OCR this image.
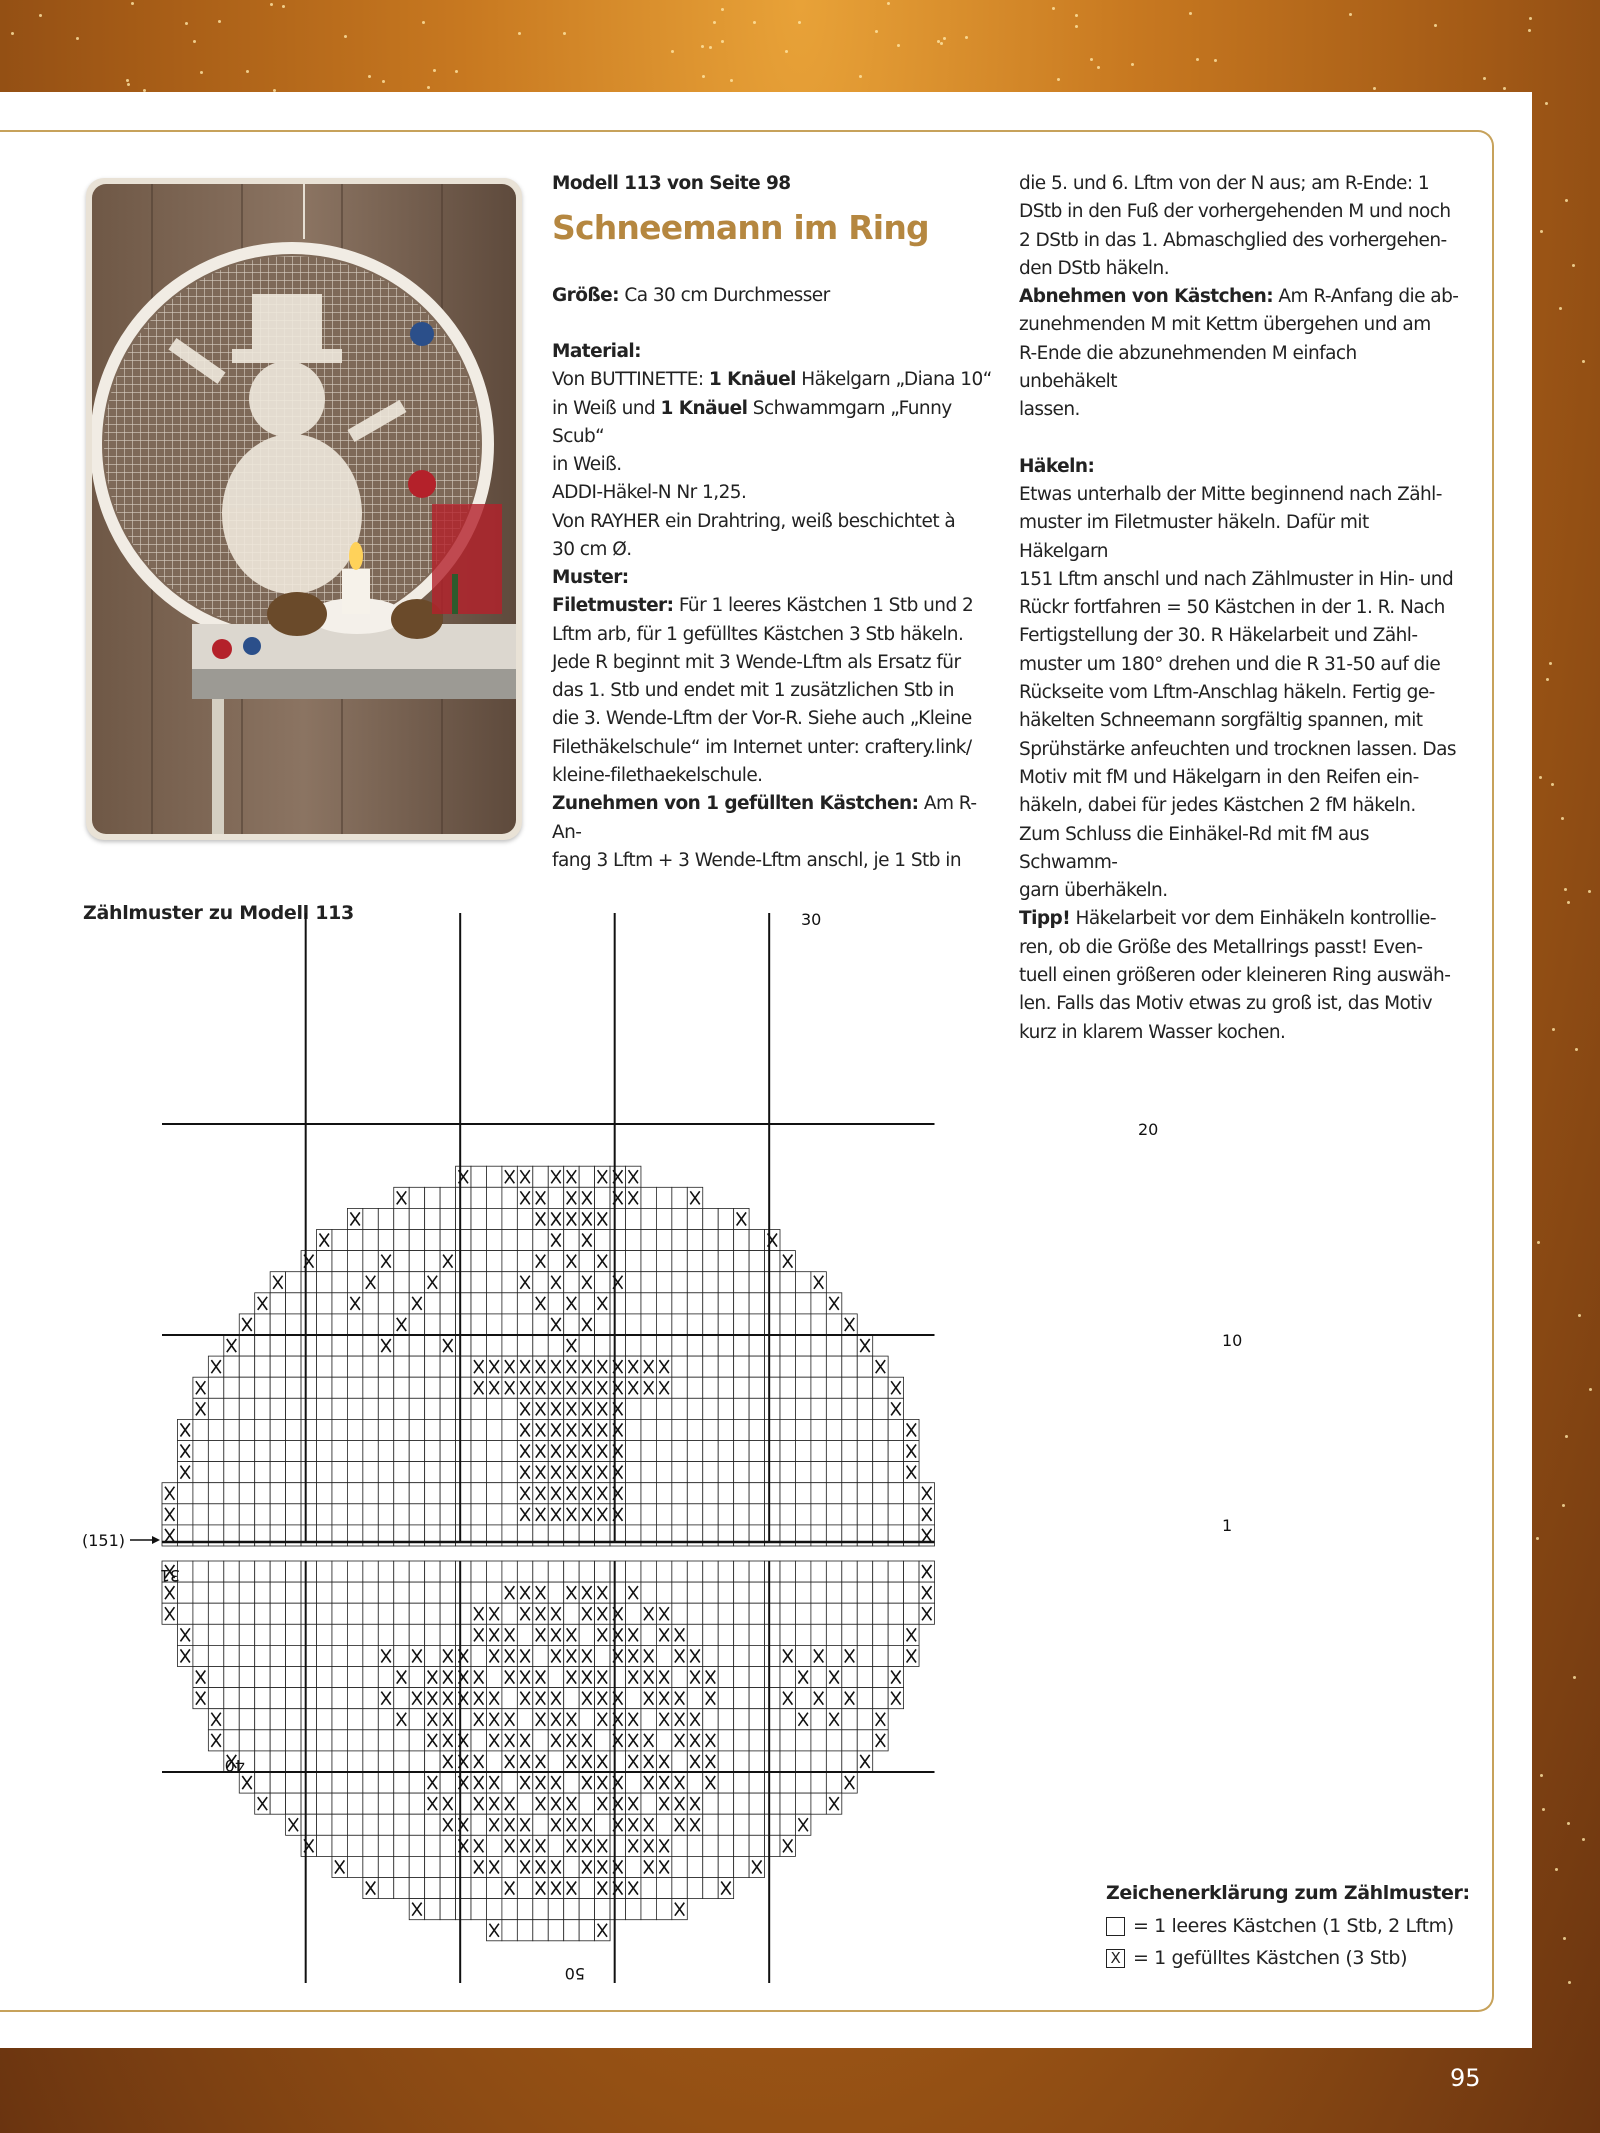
Modell 113 von Seite 98

Schneemann im Ring

Größe: Ca 30 cm Durchmesser

Material:

Von BUTTINETTE: 1 Knäuel Häkelgarn „Diana 10“

in Weiß und 1 Knäuel Schwammgarn „Funny Scub“

in Weiß.

ADDI-Häkel-N Nr 1,25.

Von RAYHER ein Drahtring, weiß beschichtet à

30 cm Ø.

Muster:

Filetmuster: Für 1 leeres Kästchen 1 Stb und 2

Lftm arb, für 1 gefülltes Kästchen 3 Stb häkeln.

Jede R beginnt mit 3 Wende-Lftm als Ersatz für

das 1. Stb und endet mit 1 zusätzlichen Stb in

die 3. Wende-Lftm der Vor-R. Siehe auch „Kleine

Filethäkelschule“ im Internet unter: craftery.link/

kleine-filethaekelschule.

Zunehmen von 1 gefüllten Kästchen: Am R-An-

fang 3 Lftm + 3 Wende-Lftm anschl, je 1 Stb in

die 5. und 6. Lftm von der N aus; am R-Ende: 1

DStb in den Fuß der vorhergehenden M und noch

2 DStb in das 1. Abmaschglied des vorhergehen-

den DStb häkeln.

Abnehmen von Kästchen: Am R-Anfang die ab-

zunehmenden M mit Kettm übergehen und am

R-Ende die abzunehmenden M einfach unbehäkelt

lassen.

Häkeln:

Etwas unterhalb der Mitte beginnend nach Zähl-

muster im Filetmuster häkeln. Dafür mit Häkelgarn

151 Lftm anschl und nach Zählmuster in Hin- und

Rückr fortfahren = 50 Kästchen in der 1. R. Nach

Fertigstellung der 30. R Häkelarbeit und Zähl-

muster um 180° drehen und die R 31-50 auf die

Rückseite vom Lftm-Anschlag häkeln. Fertig ge-

häkelten Schneemann sorgfältig spannen, mit

Sprühstärke anfeuchten und trocknen lassen. Das

Motiv mit fM und Häkelgarn in den Reifen ein-

häkeln, dabei für jedes Kästchen 2 fM häkeln.

Zum Schluss die Einhäkel-Rd mit fM aus Schwamm-

garn überhäkeln.

Tipp! Häkelarbeit vor dem Einhäkeln kontrollie-

ren, ob die Größe des Metallrings passt! Even-

tuell einen größeren oder kleineren Ring auswäh-

len. Falls das Motiv etwas zu groß ist, das Motiv

kurz in klarem Wasser kochen.

Zählmuster zu Modell 113	30
20
10
1
31
40
50
(151)
Zeichenerklärung zum Zählmuster:
= 1 leeres Kästchen (1 Stb, 2 Lftm)
X = 1 gefülltes Kästchen (3 Stb)
95
